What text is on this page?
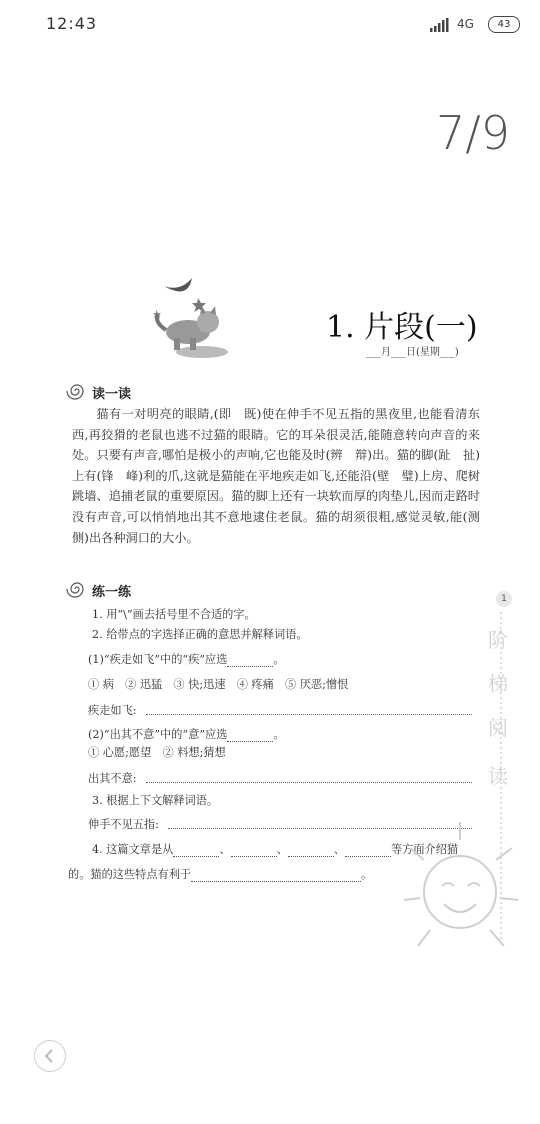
12:43	4G	43
7/9
1. 片段(一)
___月___日(星期___)
读一读
猫有一对明亮的眼睛,(即　既)使在伸手不见五指的黑夜里,也能看清东西,再狡猾的老鼠也逃不过猫的眼睛。它的耳朵很灵活,能随意转向声音的来处。只要有声音,哪怕是极小的声响,它也能及时(辨　辩)出。猫的脚(趾　扯)上有(锋　峰)利的爪,这就是猫能在平地疾走如飞,还能沿(壁　璧)上房、爬树跳墙、追捕老鼠的重要原因。猫的脚上还有一块软而厚的肉垫儿,因而走路时没有声音,可以悄悄地出其不意地逮住老鼠。猫的胡须很粗,感觉灵敏,能(测　侧)出各种洞口的大小。
练一练
1. 用“\”画去括号里不合适的字。
2. 给带点的字选择正确的意思并解释词语。
(1)“疾走如飞”中的“疾”应选	。
① 病　② 迅猛　③ 快;迅速　④ 疼痛　⑤ 厌恶;憎恨
疾走如飞:
(2)“出其不意”中的“意”应选	。
① 心愿;愿望　② 料想;猜想
出其不意:
3. 根据上下文解释词语。
伸手不见五指:
4. 这篇文章是从	、	、	、	等方面介绍猫
的。猫的这些特点有利于	。
1
阶
梯
阅
读
